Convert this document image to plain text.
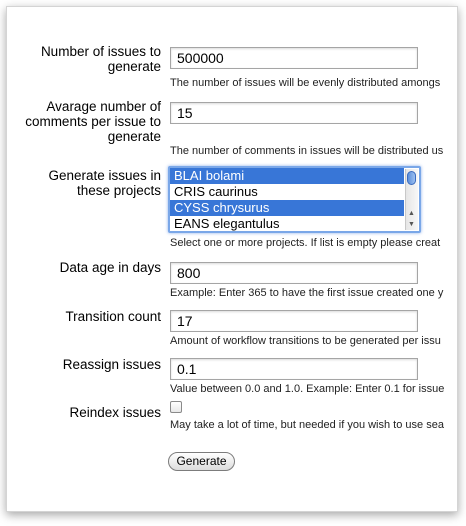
Number of issues to generate
500000
The number of issues will be evenly distributed amongs
Avarage number of comments per issue to generate
15
The number of comments in issues will be distributed us
Generate issues in these projects
BLAI bolami
CRIS caurinus
CYSS chrysurus
EANS elegantulus
▲
▼
Select one or more projects. If list is empty please creat
Data age in days
800
Example: Enter 365 to have the first issue created one y
Transition count
17
Amount of workflow transitions to be generated per issu
Reassign issues
0.1
Value between 0.0 and 1.0. Example: Enter 0.1 for issue
Reindex issues
May take a lot of time, but needed if you wish to use sea
Generate
